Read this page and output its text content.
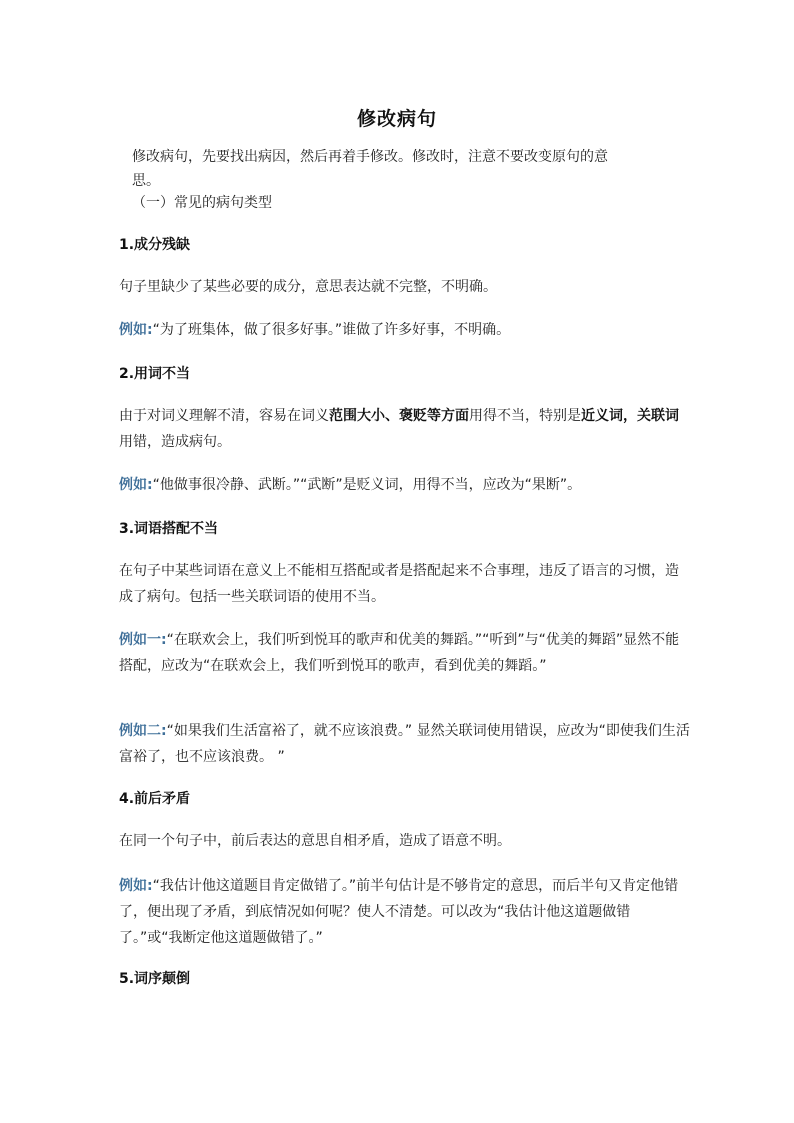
修改病句
修改病句，先要找出病因，然后再着手修改。修改时，注意不要改变原句的意
思。
（一）常见的病句类型
1.成分残缺
句子里缺少了某些必要的成分，意思表达就不完整，不明确。
例如:“为了班集体，做了很多好事。”谁做了许多好事，不明确。
2.用词不当
由于对词义理解不清，容易在词义范围大小、褒贬等方面用得不当，特别是近义词，关联词用错，造成病句。
例如:“他做事很冷静、武断。”“武断”是贬义词，用得不当，应改为“果断”。
3.词语搭配不当
在句子中某些词语在意义上不能相互搭配或者是搭配起来不合事理，违反了语言的习惯，造成了病句。包括一些关联词语的使用不当。
例如一:“在联欢会上，我们听到悦耳的歌声和优美的舞蹈。”“听到”与“优美的舞蹈”显然不能搭配，应改为“在联欢会上，我们听到悦耳的歌声，看到优美的舞蹈。”
例如二:“如果我们生活富裕了，就不应该浪费。” 显然关联词使用错误，应改为“即使我们生活富裕了，也不应该浪费。 ”
4.前后矛盾
在同一个句子中，前后表达的意思自相矛盾，造成了语意不明。
例如:“我估计他这道题目肯定做错了。”前半句估计是不够肯定的意思，而后半句又肯定他错了，便出现了矛盾，到底情况如何呢？使人不清楚。可以改为“我估计他这道题做错了。”或“我断定他这道题做错了。”
5.词序颠倒
